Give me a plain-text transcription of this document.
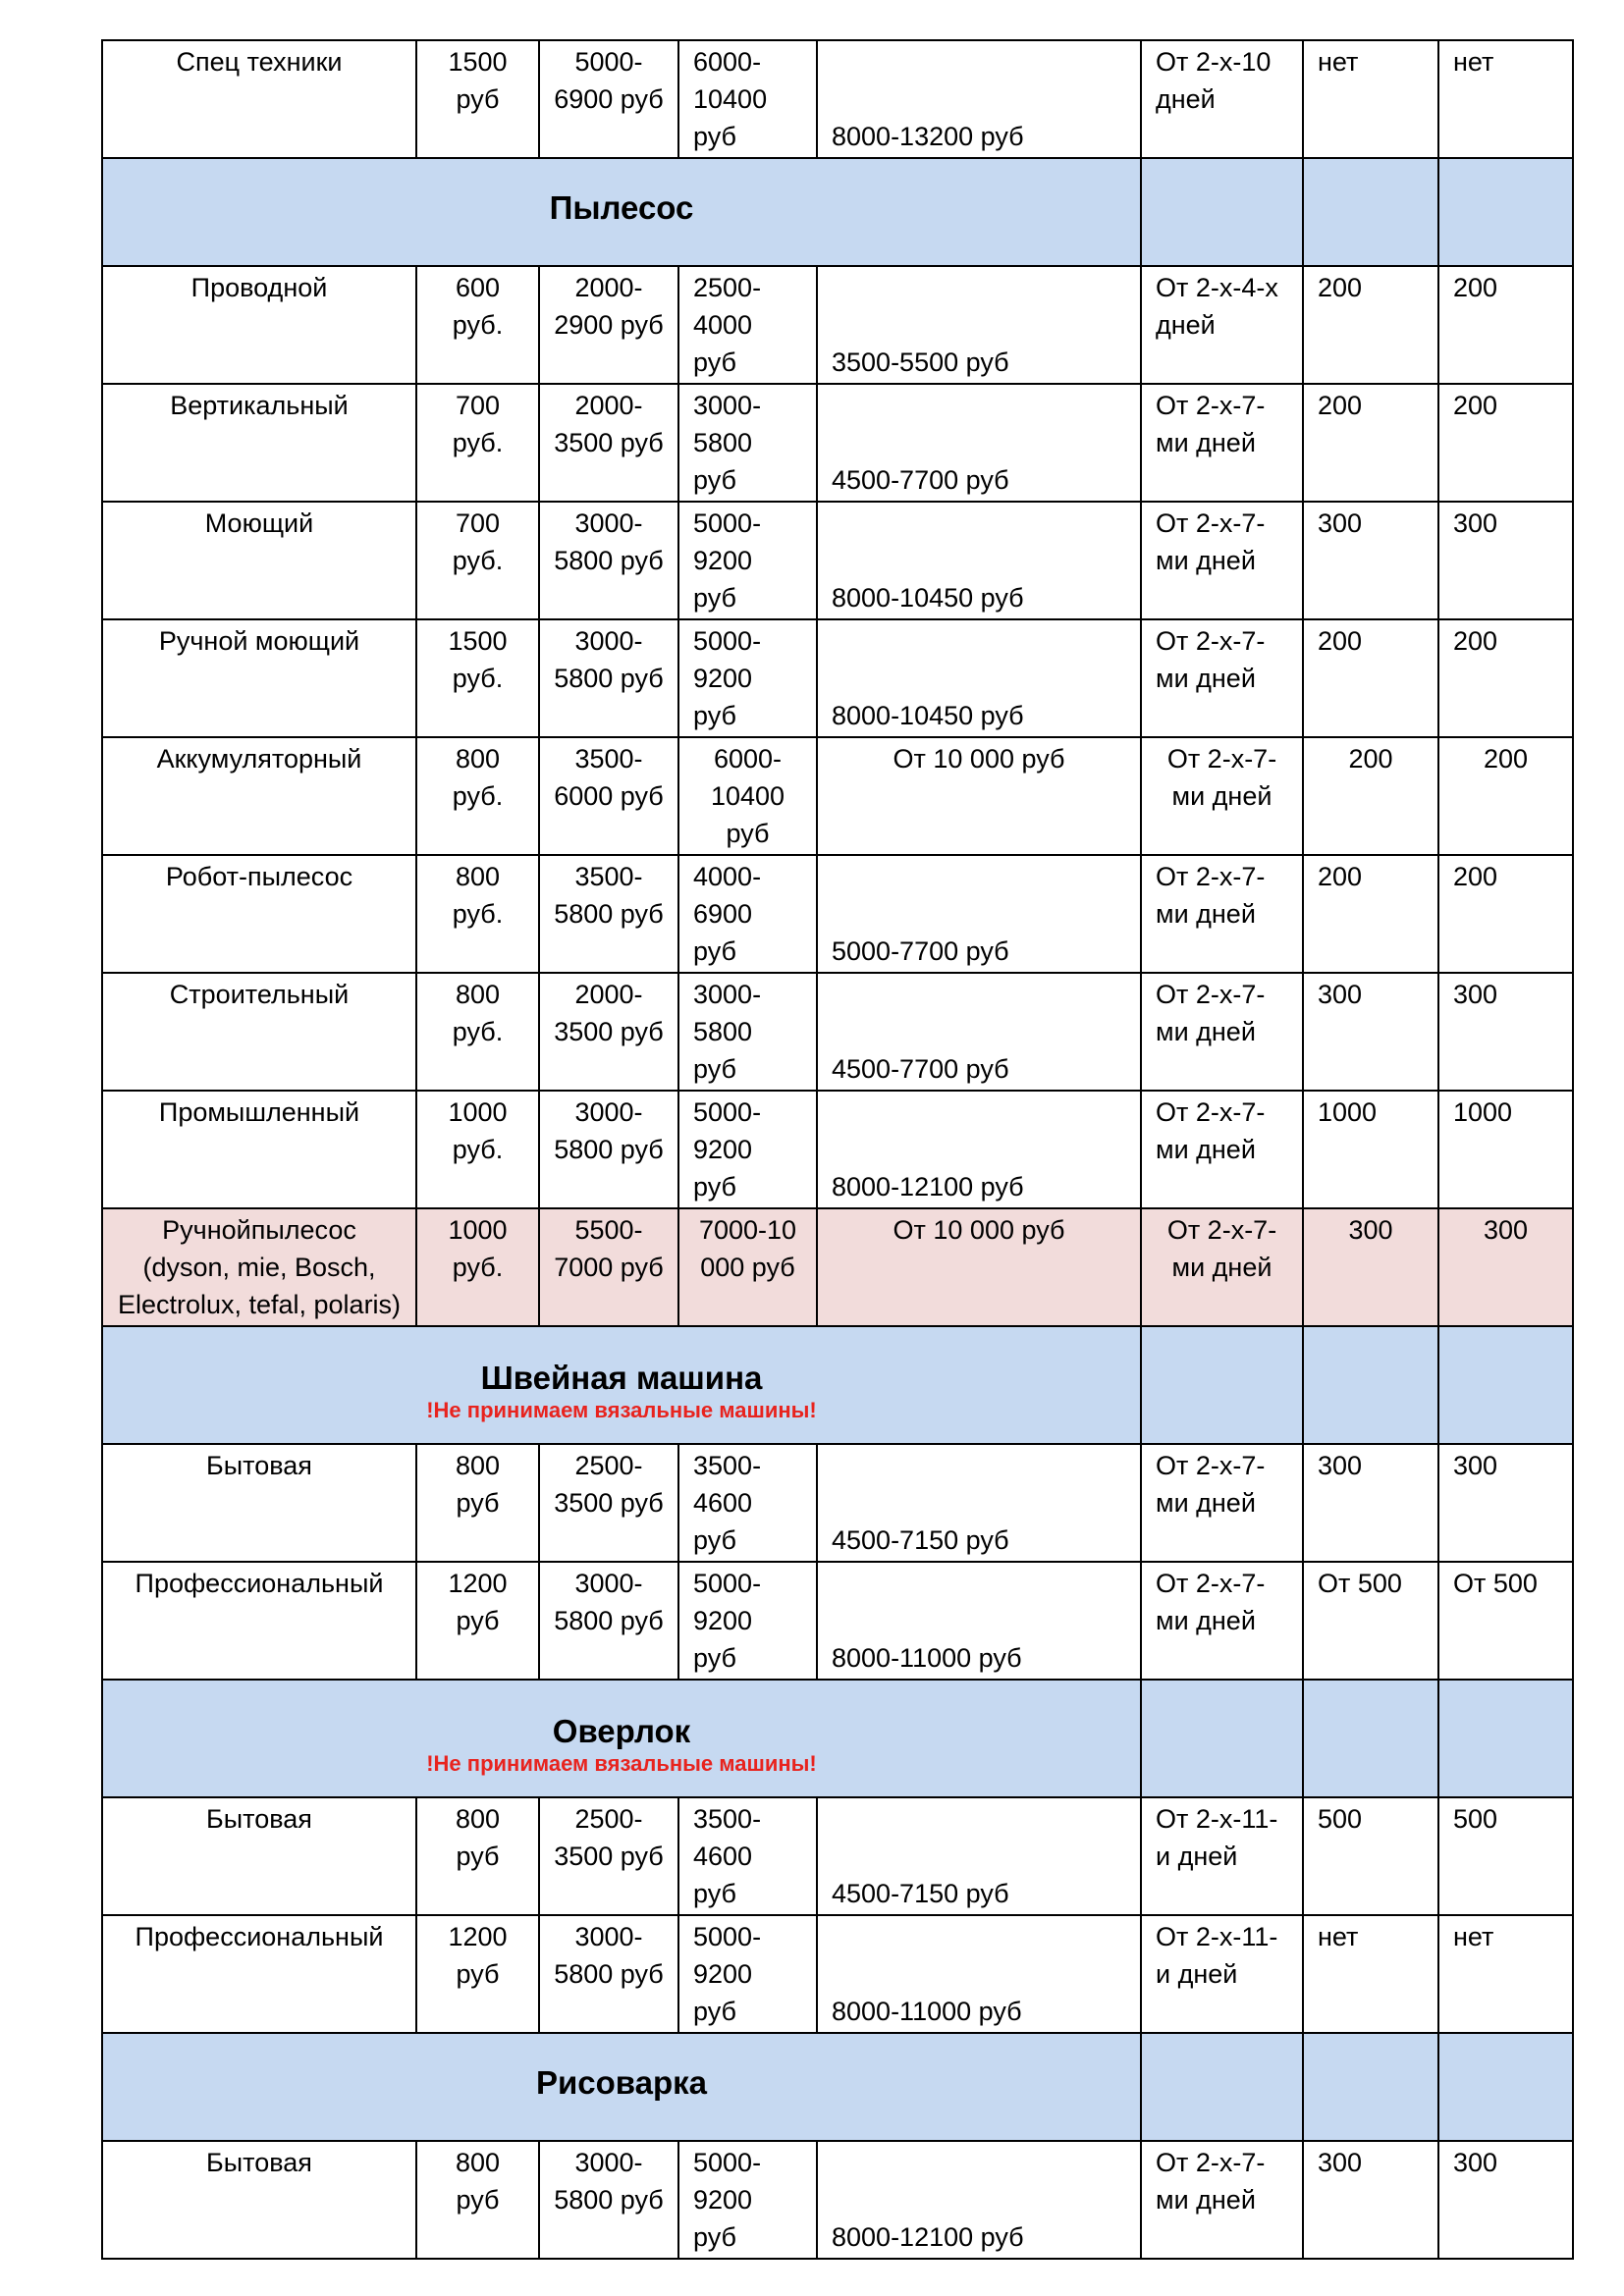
Спец техники	1500 руб	5000-6900 руб	6000-10400 руб	8000-13200 руб	От 2-х-10 дней	нет	нет

Пылесос							

Проводной	600 руб.	2000-2900 руб	2500-4000 руб	3500-5500 руб	От 2-х-4-х дней	200	200
Вертикальный	700 руб.	2000-3500 руб	3000-5800 руб	4500-7700 руб	От 2-х-7-ми дней	200	200
Моющий	700 руб.	3000-5800 руб	5000-9200 руб	8000-10450 руб	От 2-х-7-ми дней	300	300
Ручной моющий	1500 руб.	3000-5800 руб	5000-9200 руб	8000-10450 руб	От 2-х-7-ми дней	200	200
Аккумуляторный	800 руб.	3500-6000 руб	6000-10400 руб	От 10 000 руб	От 2-х-7-ми дней	200	200
Робот-пылесос	800 руб.	3500-5800 руб	4000-6900 руб	5000-7700 руб	От 2-х-7-ми дней	200	200
Строительный	800 руб.	2000-3500 руб	3000-5800 руб	4500-7700 руб	От 2-х-7-ми дней	300	300
Промышленный	1000 руб.	3000-5800 руб	5000-9200 руб	8000-12100 руб	От 2-х-7-ми дней	1000	1000
Ручнойпылесос (dyson, mie, Bosch, Electrolux, tefal, polaris)	1000 руб.	5500-7000 руб	7000-10 000 руб	От 10 000 руб	От 2-х-7-ми дней	300	300

Швейная машина
!Не принимаем вязальные машины!							

Бытовая	800 руб	2500-3500 руб	3500-4600 руб	4500-7150 руб	От 2-х-7-ми дней	300	300
Профессиональный	1200 руб	3000-5800 руб	5000-9200 руб	8000-11000 руб	От 2-х-7-ми дней	От 500	От 500

Оверлок
!Не принимаем вязальные машины!							

Бытовая	800 руб	2500-3500 руб	3500-4600 руб	4500-7150 руб	От 2-х-11-и дней	500	500
Профессиональный	1200 руб	3000-5800 руб	5000-9200 руб	8000-11000 руб	От 2-х-11-и дней	нет	нет

Рисоварка							

Бытовая	800 руб	3000-5800 руб	5000-9200 руб	8000-12100 руб	От 2-х-7-ми дней	300	300
